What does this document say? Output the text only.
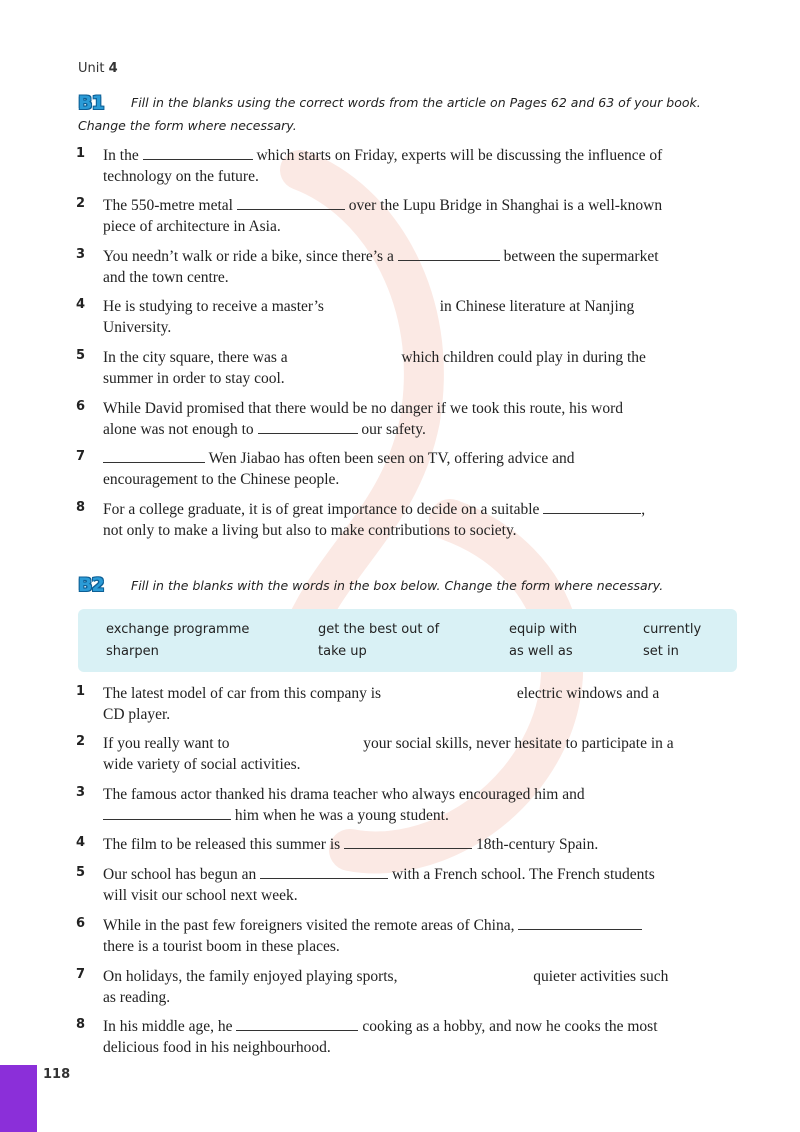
Unit 4
B1	Fill in the blanks using the correct words from the article on Pages 62 and 63 of your book.
Change the form where necessary.
1 In the	which starts on Friday, experts will be discussing the influence of
technology on the future.
2 The 550-metre metal	over the Lupu Bridge in Shanghai is a well-known
piece of architecture in Asia.
3 You needn’t walk or ride a bike, since there’s a	between the supermarket
and the town centre.
4 He is studying to receive a master’s	in Chinese literature at Nanjing
University.
5 In the city square, there was a	which children could play in during the
summer in order to stay cool.
6 While David promised that there would be no danger if we took this route, his word
alone was not enough to	our safety.
7	Wen Jiabao has often been seen on TV, offering advice and
encouragement to the Chinese people.
8 For a college graduate, it is of great importance to decide on a suitable	,
not only to make a living but also to make contributions to society.
B2	Fill in the blanks with the words in the box below. Change the form where necessary.
exchange programme	get the best out of	equip with	currently
sharpen	take up	as well as	set in
1 The latest model of car from this company is	electric windows and a
CD player.
2 If you really want to	your social skills, never hesitate to participate in a
wide variety of social activities.
3 The famous actor thanked his drama teacher who always encouraged him and
him when he was a young student.
4 The film to be released this summer is	18th-century Spain.
5 Our school has begun an	with a French school. The French students
will visit our school next week.
6 While in the past few foreigners visited the remote areas of China,
there is a tourist boom in these places.
7 On holidays, the family enjoyed playing sports,	quieter activities such
as reading.
8 In his middle age, he	cooking as a hobby, and now he cooks the most
delicious food in his neighbourhood.
118
